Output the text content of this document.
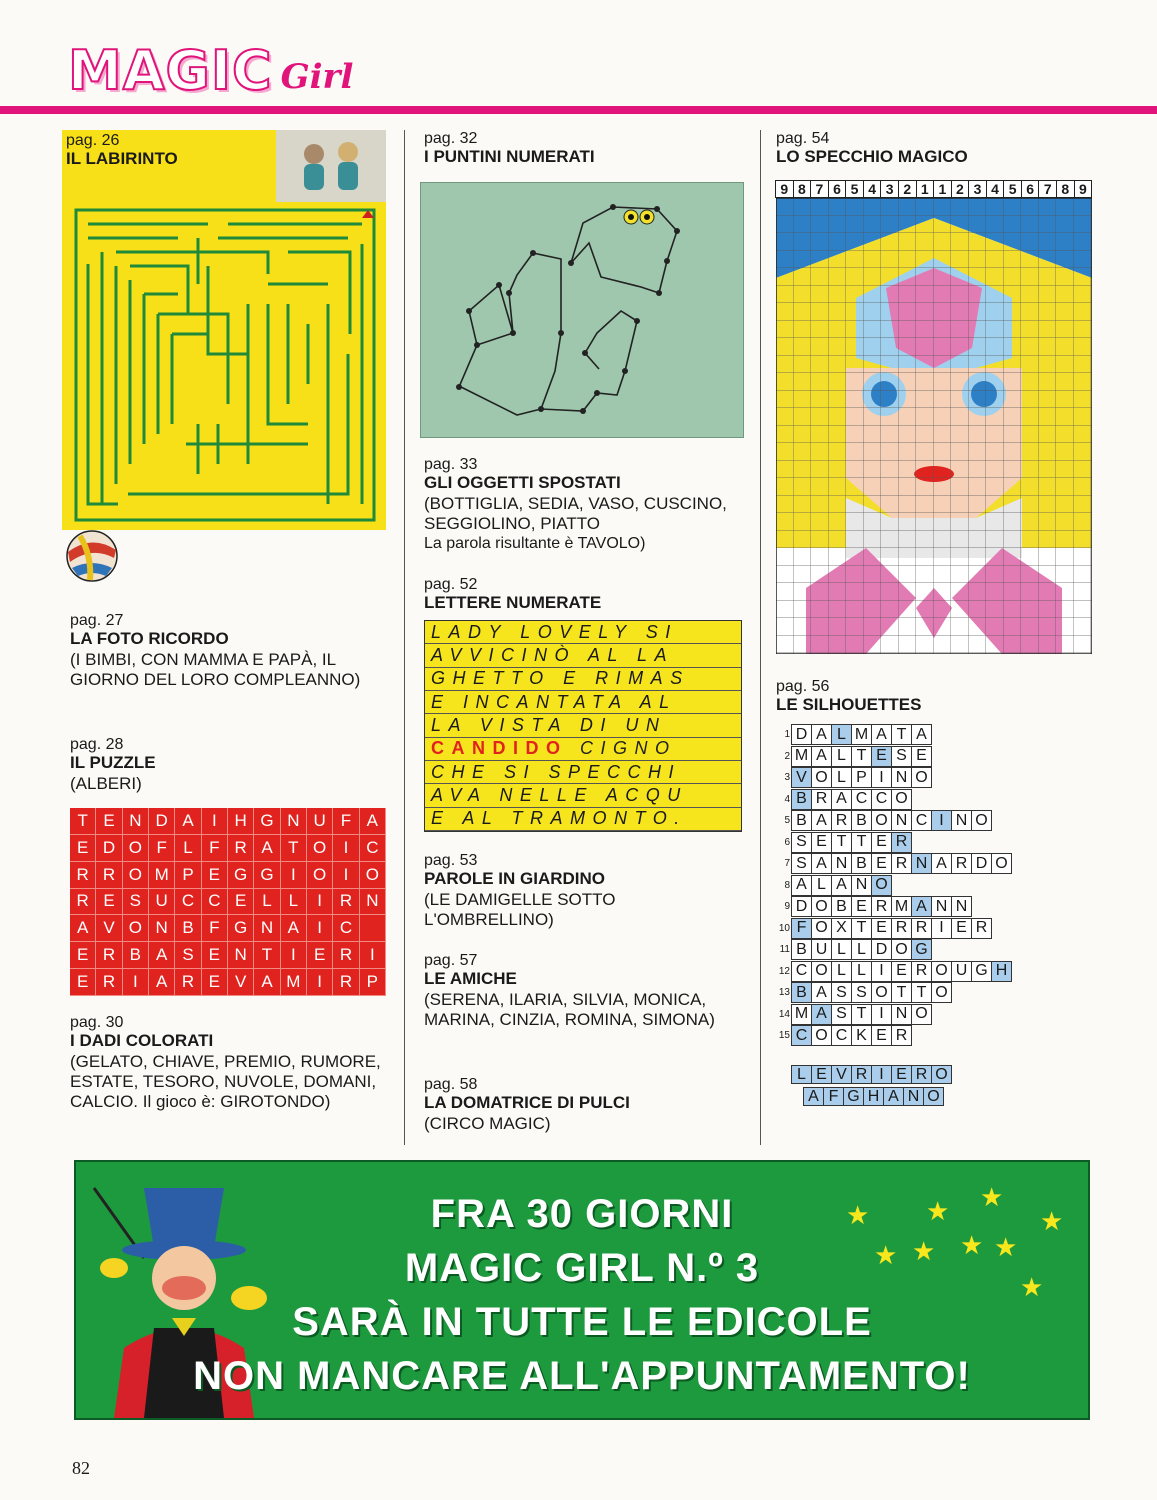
MAGIC Girl
pag. 26
IL LABIRINTO
pag. 27
LA FOTO RICORDO
(I BIMBI, CON MAMMA E PAPÀ, IL GIORNO DEL LORO COMPLEANNO)
pag. 28
IL PUZZLE
(ALBERI)
T E N D A	I	H G N U F A
E D O F L F R A T O	I	C
R R O M P E G G	I	O	I	O
R E S U C C E L L	I	R N
A V O N B F G N A	I	C
E R B A S E N T	I	E R	I
E R	I	A R E V A M I	R P
pag. 30
I DADI COLORATI
(GELATO, CHIAVE, PREMIO, RUMORE, ESTATE, TESORO, NUVOLE, DOMANI, CALCIO. Il gioco è: GIROTONDO)
pag. 32
I PUNTINI NUMERATI
pag. 33
GLI OGGETTI SPOSTATI
(BOTTIGLIA, SEDIA, VASO, CUSCINO, SEGGIOLINO, PIATTO
La parola risultante è TAVOLO)
pag. 52
LETTERE NUMERATE
LADY LOVELY SI
AVVICINÒ AL LA
GHETTO E RIMAS
E INCANTATA AL
LA VISTA DI UN
CANDIDO CIGNO
CHE SI SPECCHI
AVA NELLE ACQU
E AL TRAMONTO.
pag. 53
PAROLE IN GIARDINO
(LE DAMIGELLE SOTTO L'OMBRELLINO)
pag. 57
LE AMICHE
(SERENA, ILARIA, SILVIA, MONICA, MARINA, CINZIA, ROMINA, SIMONA)
pag. 58
LA DOMATRICE DI PULCI
(CIRCO MAGIC)
pag. 54
LO SPECCHIO MAGICO
9 8 7 6 5 4 3 2 1 1 2 3 4 5 6 7 8 9
pag. 56
LE SILHOUETTES
1 D A L M A T A
2 M A L T E S E
3 V O L P I N O
4 B R A C C O
5 B A R B O N C I N O
6 S E T T E R
7 S A N B E R N A R D O
8 A L A N O
9 D O B E R M A N N
10 F O X T E R R I E R
11 B U L L D O G
12 C O L L I E R O U G H
13 B A S S O T T O
14 M A S T I N O
15 C O C K E R
L E V R I E R O
A F G H A N O
FRA 30 GIORNI
MAGIC GIRL N.º 3
SARÀ IN TUTTE LE EDICOLE
NON MANCARE ALL'APPUNTAMENTO!
★ ★ ★
★
★ ★ ★ ★
★
82
